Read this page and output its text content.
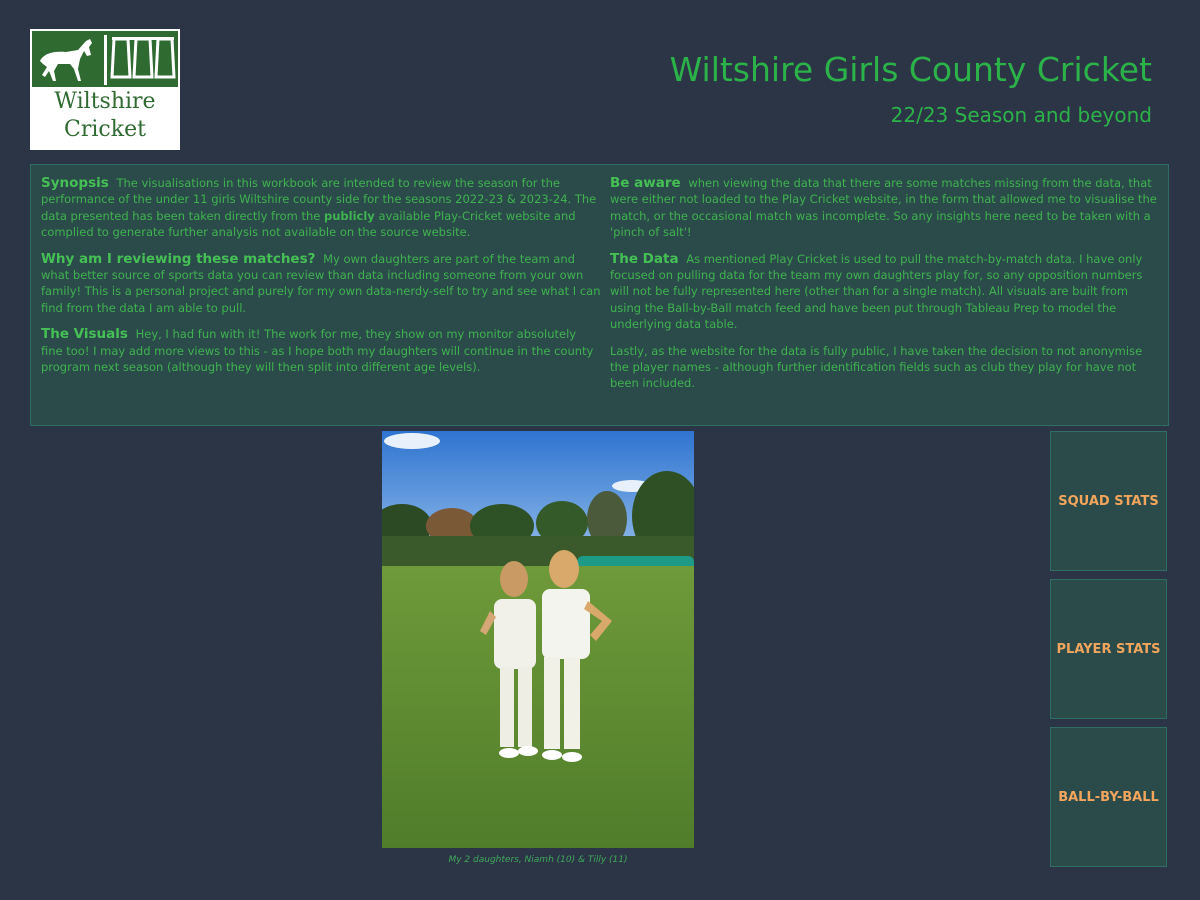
Wiltshire
Cricket
Wiltshire Girls County Cricket
22/23 Season and beyond

Synopsis The visualisations in this workbook are intended to review the season for the performance of the under 11 girls Wiltshire county side for the seasons 2022-23 & 2023-24. The data presented has been taken directly from the publicly available Play-Cricket website and complied to generate further analysis not available on the source website.

Why am I reviewing these matches? My own daughters are part of the team and what better source of sports data you can review than data including someone from your own family! This is a personal project and purely for my own data-nerdy-self to try and see what I can find from the data I am able to pull.

The Visuals Hey, I had fun with it! The work for me, they show on my monitor absolutely fine too! I may add more views to this - as I hope both my daughters will continue in the county program next season (although they will then split into different age levels).

Be aware when viewing the data that there are some matches missing from the data, that were either not loaded to the Play Cricket website, in the form that allowed me to visualise the match, or the occasional match was incomplete. So any insights here need to be taken with a 'pinch of salt'!

The Data As mentioned Play Cricket is used to pull the match-by-match data. I have only focused on pulling data for the team my own daughters play for, so any opposition numbers will not be fully represented here (other than for a single match). All visuals are built from using the Ball-by-Ball match feed and have been put through Tableau Prep to model the underlying data table.

Lastly, as the website for the data is fully public, I have taken the decision to not anonymise the player names - although further identification fields such as club they play for have not been included.

My 2 daughters, Niamh (10) & Tilly (11)
SQUAD STATS
PLAYER STATS
BALL-BY-BALL
